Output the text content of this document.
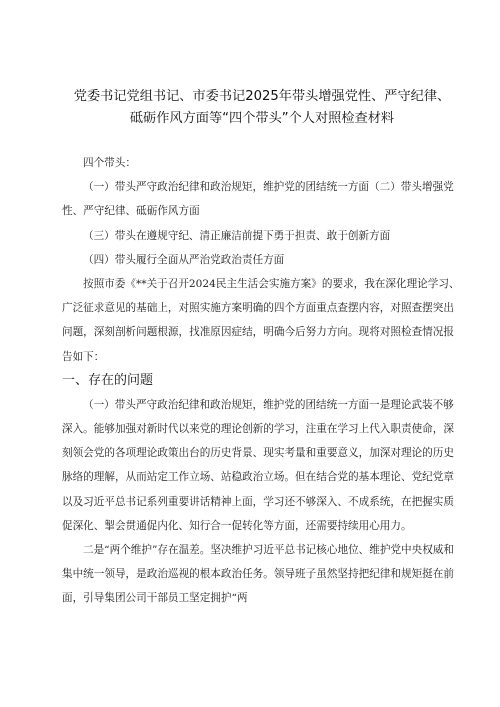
党委书记党组书记、市委书记2025年带头增强党性、严守纪律、
砥砺作风方面等“四个带头”个人对照检查材料

四个带头：

（一）带头严守政治纪律和政治规矩，维护党的团结统一方面（二）带头增强党性、严守纪律、砥砺作风方面

（三）带头在遵规守纪、清正廉洁前提下勇于担责、敢于创新方面

（四）带头履行全面从严治党政治责任方面

按照市委《**关于召开2024民主生活会实施方案》的要求，我在深化理论学习、广泛征求意见的基础上，对照实施方案明确的四个方面重点查摆内容，对照查摆突出问题，深刻剖析问题根源，找准原因症结，明确今后努力方向。现将对照检查情况报告如下：

一、存在的问题

（一）带头严守政治纪律和政治规矩，维护党的团结统一方面一是理论武装不够深入。能够加强对新时代以来党的理论创新的学习，注重在学习上代入职责使命，深刻领会党的各项理论政策出台的历史背景、现实考量和重要意义，加深对理论的历史脉络的理解，从而站定工作立场、站稳政治立场。但在结合党的基本理论、党纪党章以及习近平总书记系列重要讲话精神上面，学习还不够深入、不成系统，在把握实质促深化、掣会贯通促内化、知行合一促转化等方面，还需要持续用心用力。

二是“两个维护”存在温差。坚决维护习近平总书记核心地位、维护党中央权威和集中统一领导，是政治巡视的根本政治任务。领导班子虽然坚持把纪律和规矩挺在前面，引导集团公司干部员工坚定拥护“两
